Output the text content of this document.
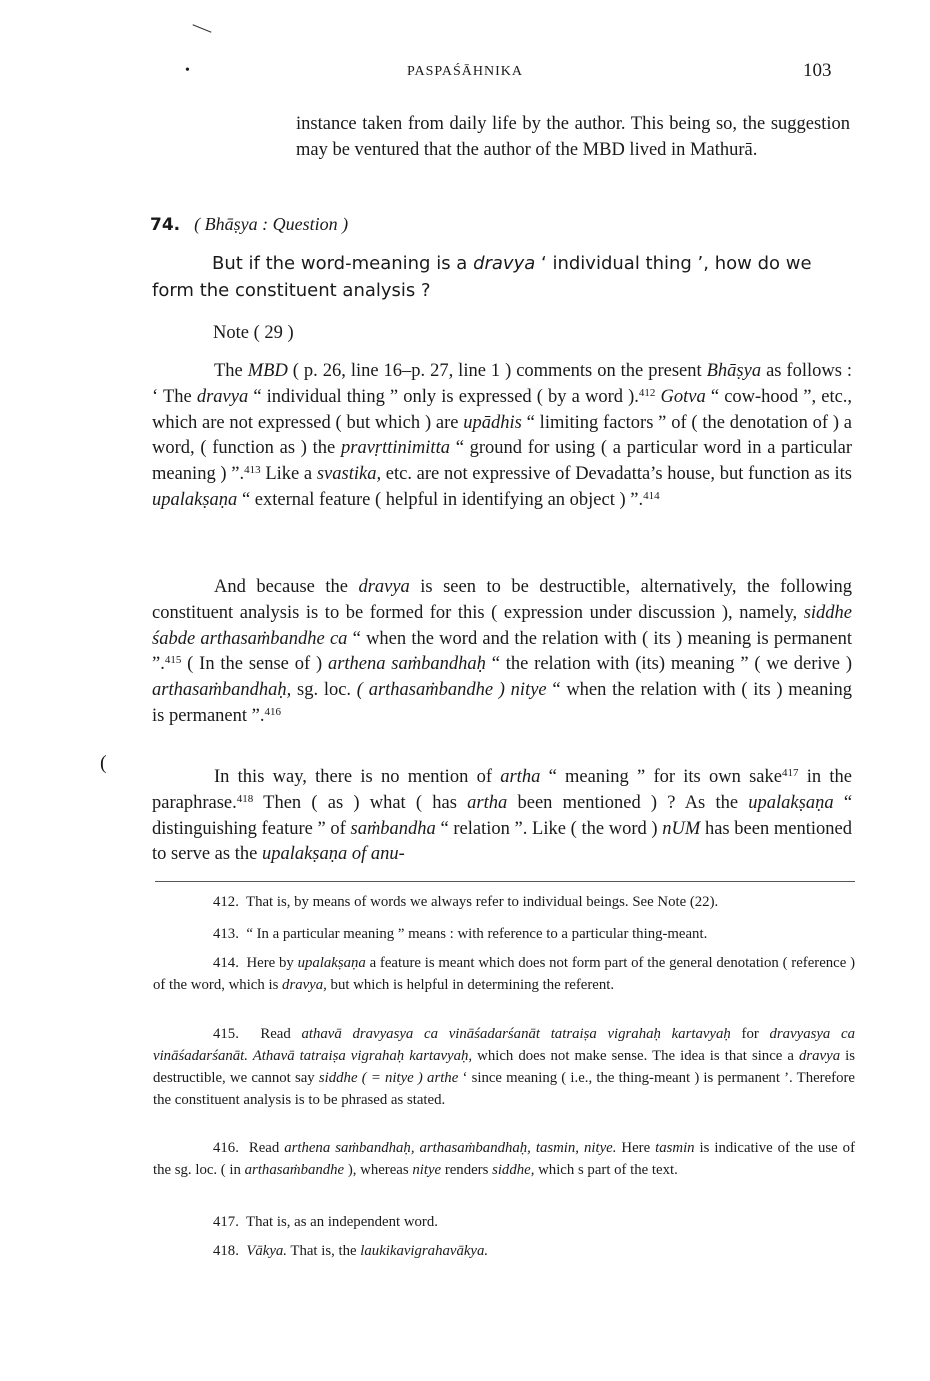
•	PASPAŚĀHNIKA	103
instance taken from daily life by the author. This being so, the suggestion may be ventured that the author of the MBD lived in Mathurā.
74. ( Bhāṣya : Question )
But if the word-meaning is a dravya ‘ individual thing ’, how do we form the constituent analysis ?
Note ( 29 )
The MBD ( p. 26, line 16–p. 27, line 1 ) comments on the present Bhāṣya as follows : ‘ The dravya “ individual thing ” only is expressed ( by a word ).$^{412}$ Gotva “ cow-hood ”, etc., which are not expressed ( but which ) are upādhis “ limiting factors ” of ( the denotation of ) a word, ( function as ) the pravṛttinimitta “ ground for using ( a particular word in a particular meaning ) ”.$^{413}$ Like a svastika, etc. are not expressive of Devadatta’s house, but function as its upalakṣaṇa “ external feature ( helpful in identifying an object ) ”.$^{414}$
And because the dravya is seen to be destructible, alternatively, the following constituent analysis is to be formed for this ( expression under discussion ), namely, siddhe śabde arthasaṁbandhe ca “ when the word and the relation with ( its ) meaning is permanent ”.$^{415}$ ( In the sense of ) arthena saṁbandhaḥ “ the relation with (its) meaning ” ( we derive ) arthasaṁbandhaḥ, sg. loc. ( arthasaṁbandhe ) nitye “ when the relation with ( its ) meaning is permanent ”.$^{416}$
(
In this way, there is no mention of artha “ meaning ” for its own sake$^{417}$ in the paraphrase.$^{418}$ Then ( as ) what ( has artha been mentioned ) ? As the upalakṣaṇa “ distinguishing feature ” of saṁbandha “ relation ”. Like ( the word ) nUM has been mentioned to serve as the upalakṣaṇa of anu-
412. That is, by means of words we always refer to individual beings. See Note (22).
413. “ In a particular meaning ” means : with reference to a particular thing-meant.
414. Here by upalakṣaṇa a feature is meant which does not form part of the general denotation ( reference ) of the word, which is dravya, but which is helpful in determining the referent.
415. Read athavā dravyasya ca vināśadarśanāt tatraiṣa vigrahaḥ kartavyaḥ for dravyasya ca vināśadarśanāt. Athavā tatraiṣa vigrahaḥ kartavyaḥ, which does not make sense. The idea is that since a dravya is destructible, we cannot say siddhe ( = nitye ) arthe ‘ since meaning ( i.e., the thing-meant ) is permanent ’. Therefore the constituent analysis is to be phrased as stated.
416. Read arthena saṁbandhaḥ, arthasaṁbandhaḥ, tasmin, nitye. Here tasmin is indicative of the use of the sg. loc. ( in arthasaṁbandhe ), whereas nitye renders siddhe, which s part of the text.
417. That is, as an independent word.
418. Vākya. That is, the laukikavigrahavākya.
